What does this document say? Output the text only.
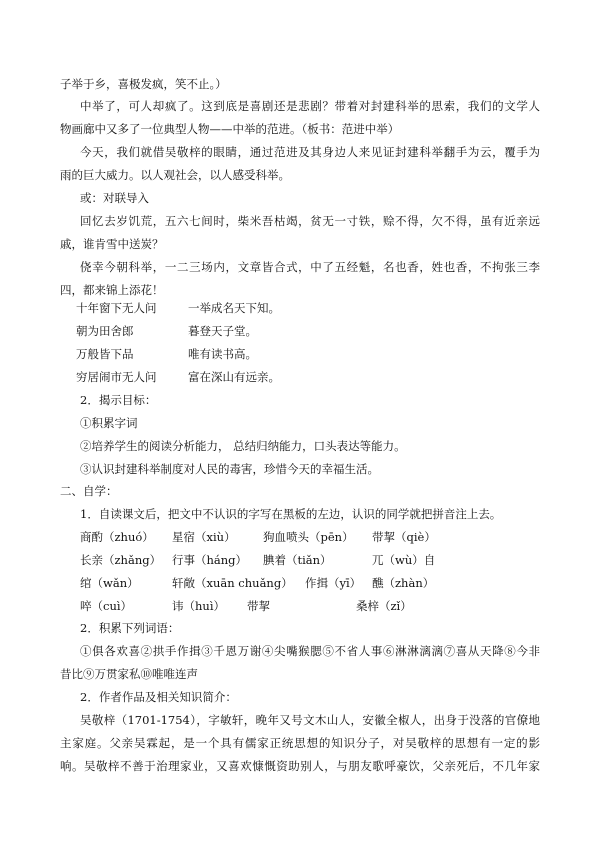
子举于乡，喜极发疯，笑不止。）
中举了，可人却疯了。这到底是喜剧还是悲剧？带着对封建科举的思索，我们的文学人
物画廊中又多了一位典型人物——中举的范进。（板书：范进中举）
今天，我们就借吴敬梓的眼睛，通过范进及其身边人来见证封建科举翻手为云，覆手为
雨的巨大威力。以人观社会，以人感受科举。
或：对联导入
回忆去岁饥荒，五六七间时，柴米吾枯竭，贫无一寸铁，赊不得，欠不得，虽有近亲远
戚，谁肯雪中送炭？
侥幸今朝科举，一二三场内，文章皆合式，中了五经魁，名也香，姓也香，不拘张三李
四，都来锦上添花！
十年窗下无人问	一举成名天下知。
朝为田舍郎	暮登天子堂。
万般皆下品	唯有读书高。
穷居闹市无人问	富在深山有远亲。
2．揭示目标：
①积累字词
②培养学生的阅读分析能力， 总结归纳能力，口头表达等能力。
③认识封建科举制度对人民的毒害，珍惜今天的幸福生活。
二、自学：
1．自读课文后，把文中不认识的字写在黑板的左边，认识的同学就把拼音注上去。
商酌（zhuó） 星宿（xiù） 狗血喷头（pēn） 带挈（qiè）
长亲（zhǎng） 行事（háng） 腆着（tiǎn）	兀（wù）自
绾（wǎn）	轩敞（xuān chuǎng） 作揖（yī） 醮（zhàn）
啐（cuì）	讳（huì） 带挈	桑梓（zǐ）
2．积累下列词语：
①俱各欢喜②拱手作揖③千恩万谢④尖嘴猴腮⑤不省人事⑥淋淋漓漓⑦喜从天降⑧今非
昔比⑨万贯家私⑩唯唯连声
2．作者作品及相关知识简介：
吴敬梓（1701-1754），字敏轩，晚年又号文木山人，安徽全椒人，出身于没落的官僚地
主家庭。父亲吴霖起，是一个具有儒家正统思想的知识分子，对吴敬梓的思想有一定的影
响。吴敬梓不善于治理家业，又喜欢慷慨资助别人，与朋友歌呼豪饮，父亲死后，不几年家
